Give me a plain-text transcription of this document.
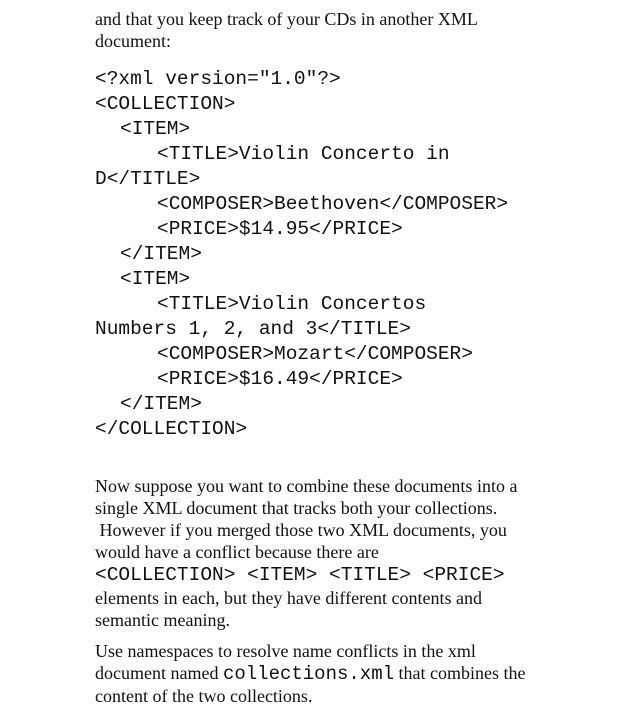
and that you keep track of your CDs in another XML
document:

<?xml version="1.0"?>
<COLLECTION>
<ITEM>
<TITLE>Violin Concerto in
D</TITLE>
<COMPOSER>Beethoven</COMPOSER>
<PRICE>$14.95</PRICE>
</ITEM>
<ITEM>
<TITLE>Violin Concertos
Numbers 1, 2, and 3</TITLE>
<COMPOSER>Mozart</COMPOSER>
<PRICE>$16.49</PRICE>
</ITEM>
</COLLECTION>

Now suppose you want to combine these documents into a
single XML document that tracks both your collections.
However if you merged those two XML documents, you
would have a conflict because there are
<COLLECTION> <ITEM> <TITLE> <PRICE>
elements in each, but they have different contents and
semantic meaning.

Use namespaces to resolve name conflicts in the xml
document named collections.xml that combines the
content of the two collections.
